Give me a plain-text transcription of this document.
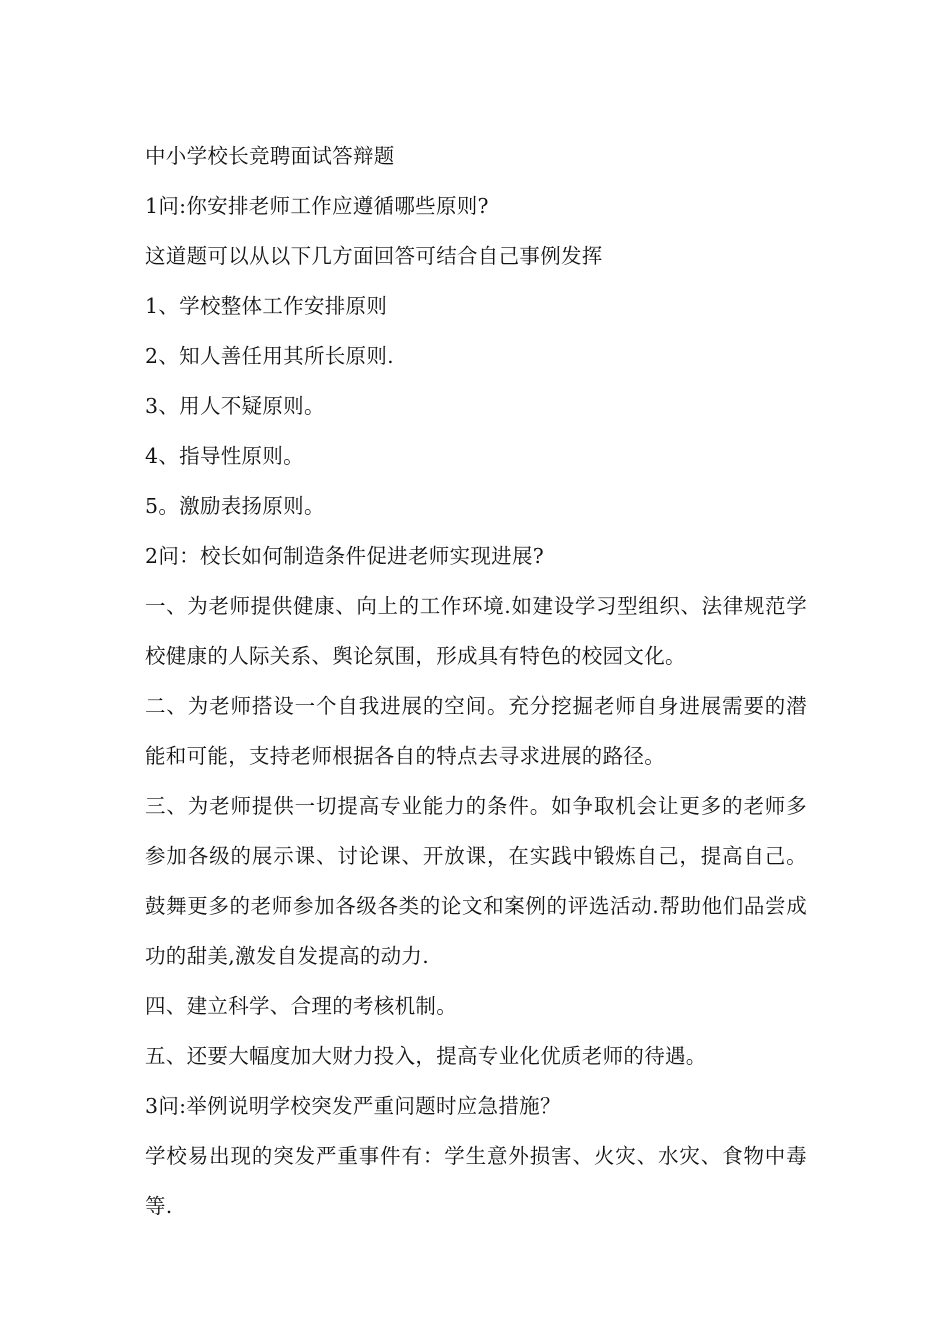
中小学校长竞聘面试答辩题

1问:你安排老师工作应遵循哪些原则?

这道题可以从以下几方面回答可结合自己事例发挥

1、学校整体工作安排原则

2、知人善任用其所长原则.

3、用人不疑原则。

4、指导性原则。

5。激励表扬原则。

2问：校长如何制造条件促进老师实现进展?

一、为老师提供健康、向上的工作环境.如建设学习型组织、法律规范学校健康的人际关系、舆论氛围，形成具有特色的校园文化。

二、为老师搭设一个自我进展的空间。充分挖掘老师自身进展需要的潜能和可能，支持老师根据各自的特点去寻求进展的路径。

三、为老师提供一切提高专业能力的条件。如争取机会让更多的老师多参加各级的展示课、讨论课、开放课，在实践中锻炼自己，提高自己。鼓舞更多的老师参加各级各类的论文和案例的评选活动.帮助他们品尝成功的甜美,激发自发提高的动力.

四、建立科学、合理的考核机制。

五、还要大幅度加大财力投入，提高专业化优质老师的待遇。

3问:举例说明学校突发严重问题时应急措施？

学校易出现的突发严重事件有：学生意外损害、火灾、水灾、食物中毒等.
